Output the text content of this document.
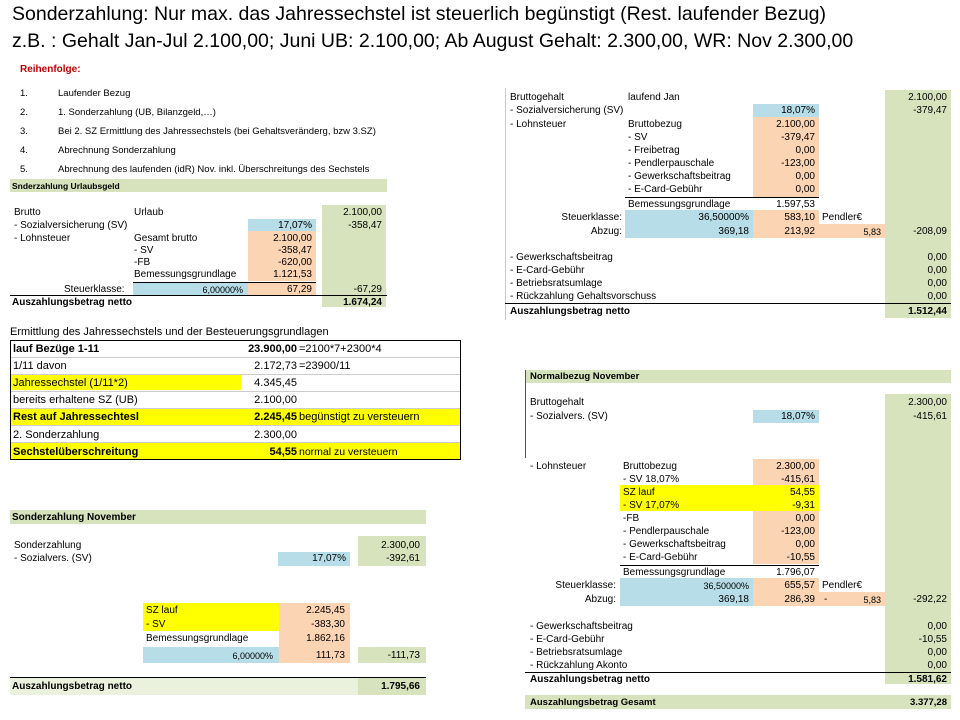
Sonderzahlung: Nur max. das Jahressechstel ist steuerlich begünstigt (Rest. laufender Bezug)
z.B. : Gehalt Jan-Jul 2.100,00; Juni UB: 2.100,00; Ab August Gehalt: 2.300,00, WR: Nov 2.300,00
Reihenfolge:
1.	Laufender Bezug
2.	1. Sonderzahlung (UB, Bilanzgeld,…)
3.	Bei 2. SZ Ermittlung des Jahressechstels (bei Gehaltsveränderg, bzw 3.SZ)
4.	Abrechnung Sonderzahlung
5.	Abrechnung des laufenden (idR) Nov. inkl. Überschreitungs des Sechstels
Snderzahlung Urlaubsgeld
Brutto	Urlaub	2.100,00
- Sozialversicherung (SV)	17,07%	-358,47
- Lohnsteuer	Gesamt brutto	2.100,00
- SV	-358,47
-FB	-620,00
Bemessungsgrundlage	1.121,53
Steuerklasse:	6,00000%	67,29	-67,29
Auszahlungsbetrag netto	1.674,24
Ermittlung des Jahressechstels und der Besteuerungsgrundlagen
lauf Bezüge 1-11	23.900,00 =2100*7+2300*4
1/11 davon	2.172,73 =23900/11
Jahressechstel (1/11*2)	4.345,45
bereits erhaltene SZ (UB)	2.100,00
Rest auf Jahressechtesl	2.245,45 begünstigt zu versteuern
2. Sonderzahlung	2.300,00
Sechstelüberschreitung	54,55 normal zu versteuern
Sonderzahlung November
Sonderzahlung	2.300,00
- Sozialvers. (SV)	17,07%	-392,61
SZ lauf	2.245,45
- SV	-383,30
Bemessungsgrundlage	1.862,16
6,00000%	111,73	-111,73
Auszahlungsbetrag netto	1.795,66
Bruttogehalt	laufend Jan	2.100,00
- Sozialversicherung (SV)	18,07%	-379,47
- Lohnsteuer	Bruttobezug	2.100,00
- SV	-379,47
- Freibetrag	0,00
- Pendlerpauschale	-123,00
- Gewerkschaftsbeitrag	0,00
- E-Card-Gebühr	0,00
Bemessungsgrundlage	1.597,53
Steuerklasse:	36,50000%	583,10 Pendler€
Abzug:	369,18	213,92	5,83	-208,09
- Gewerkschaftsbeitrag	0,00
- E-Card-Gebühr	0,00
- Betriebsratsumlage	0,00
- Rückzahlung Gehaltsvorschuss	0,00
Auszahlungsbetrag netto	1.512,44
Normalbezug November
Bruttogehalt	2.300,00
- Sozialvers. (SV)	18,07%	-415,61
- Lohnsteuer	Bruttobezug	2.300,00
- SV 18,07%	-415,61
SZ lauf	54,55
- SV 17,07%	-9,31
-FB	0,00
- Pendlerpauschale	-123,00
- Gewerkschaftsbeitrag	0,00
- E-Card-Gebühr	-10,55
Bemessungsgrundlage	1.796,07
Steuerklasse:	36,50000%	655,57 Pendler€
Abzug:	369,18	286,39 -	5,83	-292,22
- Gewerkschaftsbeitrag	0,00
- E-Card-Gebühr	-10,55
- Betriebsratsumlage	0,00
- Rückzahlung Akonto	0,00
Auszahlungsbetrag netto	1.581,62
Auszahlungsbetrag Gesamt	3.377,28
